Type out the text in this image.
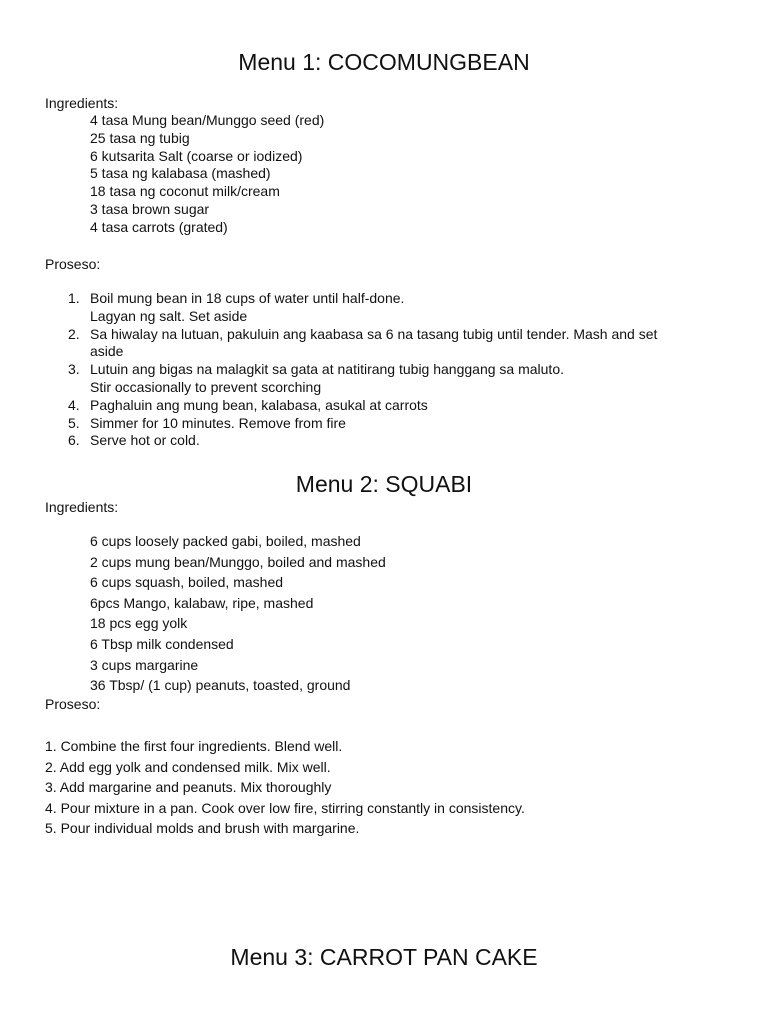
Menu 1: COCOMUNGBEAN

Ingredients:

4 tasa Mung bean/Munggo seed (red)
25 tasa ng tubig
6 kutsarita Salt (coarse or iodized)
5 tasa ng kalabasa (mashed)
18 tasa ng coconut milk/cream
3 tasa brown sugar
4 tasa carrots (grated)

Proseso:

1. Boil mung bean in 18 cups of water until half-done.
Lagyan ng salt. Set aside
2. Sa hiwalay na lutuan, pakuluin ang kaabasa sa 6 na tasang tubig until tender. Mash and set
aside
3. Lutuin ang bigas na malagkit sa gata at natitirang tubig hanggang sa maluto.
Stir occasionally to prevent scorching
4. Paghaluin ang mung bean, kalabasa, asukal at carrots
5. Simmer for 10 minutes. Remove from fire
6. Serve hot or cold.
Menu 2: SQUABI

Ingredients:

6 cups loosely packed gabi, boiled, mashed
2 cups mung bean/Munggo, boiled and mashed
6 cups squash, boiled, mashed
6pcs Mango, kalabaw, ripe, mashed
18 pcs egg yolk
6 Tbsp milk condensed
3 cups margarine
36 Tbsp/ (1 cup) peanuts, toasted, ground

Proseso:

1. Combine the first four ingredients. Blend well.
2. Add egg yolk and condensed milk. Mix well.
3. Add margarine and peanuts. Mix thoroughly
4. Pour mixture in a pan. Cook over low fire, stirring constantly in consistency.
5. Pour individual molds and brush with margarine.
Menu 3: CARROT PAN CAKE
